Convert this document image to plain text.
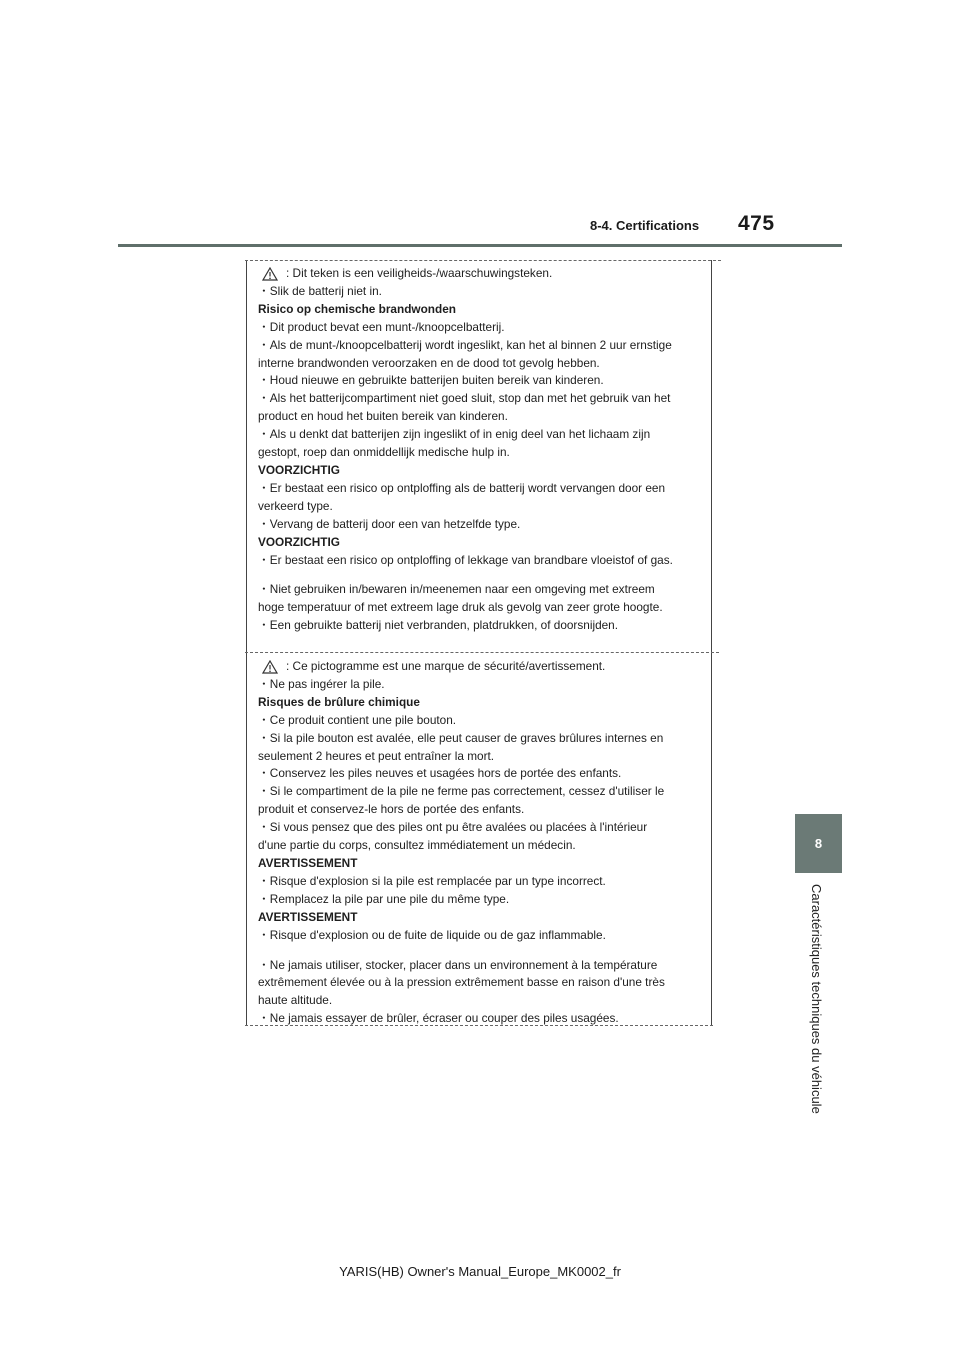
8-4. Certifications 475
8
Caractéristiques techniques du véhicule
: Dit teken is een veiligheids-/waarschuwingsteken.

・Slik de batterij niet in.

Risico op chemische brandwonden

・Dit product bevat een munt-/knoopcelbatterij.

・Als de munt-/knoopcelbatterij wordt ingeslikt, kan het al binnen 2 uur ernstige

interne brandwonden veroorzaken en de dood tot gevolg hebben.

・Houd nieuwe en gebruikte batterijen buiten bereik van kinderen.

・Als het batterijcompartiment niet goed sluit, stop dan met het gebruik van het

product en houd het buiten bereik van kinderen.

・Als u denkt dat batterijen zijn ingeslikt of in enig deel van het lichaam zijn

gestopt, roep dan onmiddellijk medische hulp in.

VOORZICHTIG

・Er bestaat een risico op ontploffing als de batterij wordt vervangen door een

verkeerd type.

・Vervang de batterij door een van hetzelfde type.

VOORZICHTIG

・Er bestaat een risico op ontploffing of lekkage van brandbare vloeistof of gas.

・Niet gebruiken in/bewaren in/meenemen naar een omgeving met extreem

hoge temperatuur of met extreem lage druk als gevolg van zeer grote hoogte.

・Een gebruikte batterij niet verbranden, platdrukken, of doorsnijden.

: Ce pictogramme est une marque de sécurité/avertissement.

・Ne pas ingérer la pile.

Risques de brûlure chimique

・Ce produit contient une pile bouton.

・Si la pile bouton est avalée, elle peut causer de graves brûlures internes en

seulement 2 heures et peut entraîner la mort.

・Conservez les piles neuves et usagées hors de portée des enfants.

・Si le compartiment de la pile ne ferme pas correctement, cessez d'utiliser le

produit et conservez-le hors de portée des enfants.

・Si vous pensez que des piles ont pu être avalées ou placées à l'intérieur

d'une partie du corps, consultez immédiatement un médecin.

AVERTISSEMENT

・Risque d'explosion si la pile est remplacée par un type incorrect.

・Remplacez la pile par une pile du même type.

AVERTISSEMENT

・Risque d'explosion ou de fuite de liquide ou de gaz inflammable.

・Ne jamais utiliser, stocker, placer dans un environnement à la température

extrêmement élevée ou à la pression extrêmement basse en raison d'une très

haute altitude.

・Ne jamais essayer de brûler, écraser ou couper des piles usagées.

YARIS(HB) Owner's Manual_Europe_MK0002_fr
